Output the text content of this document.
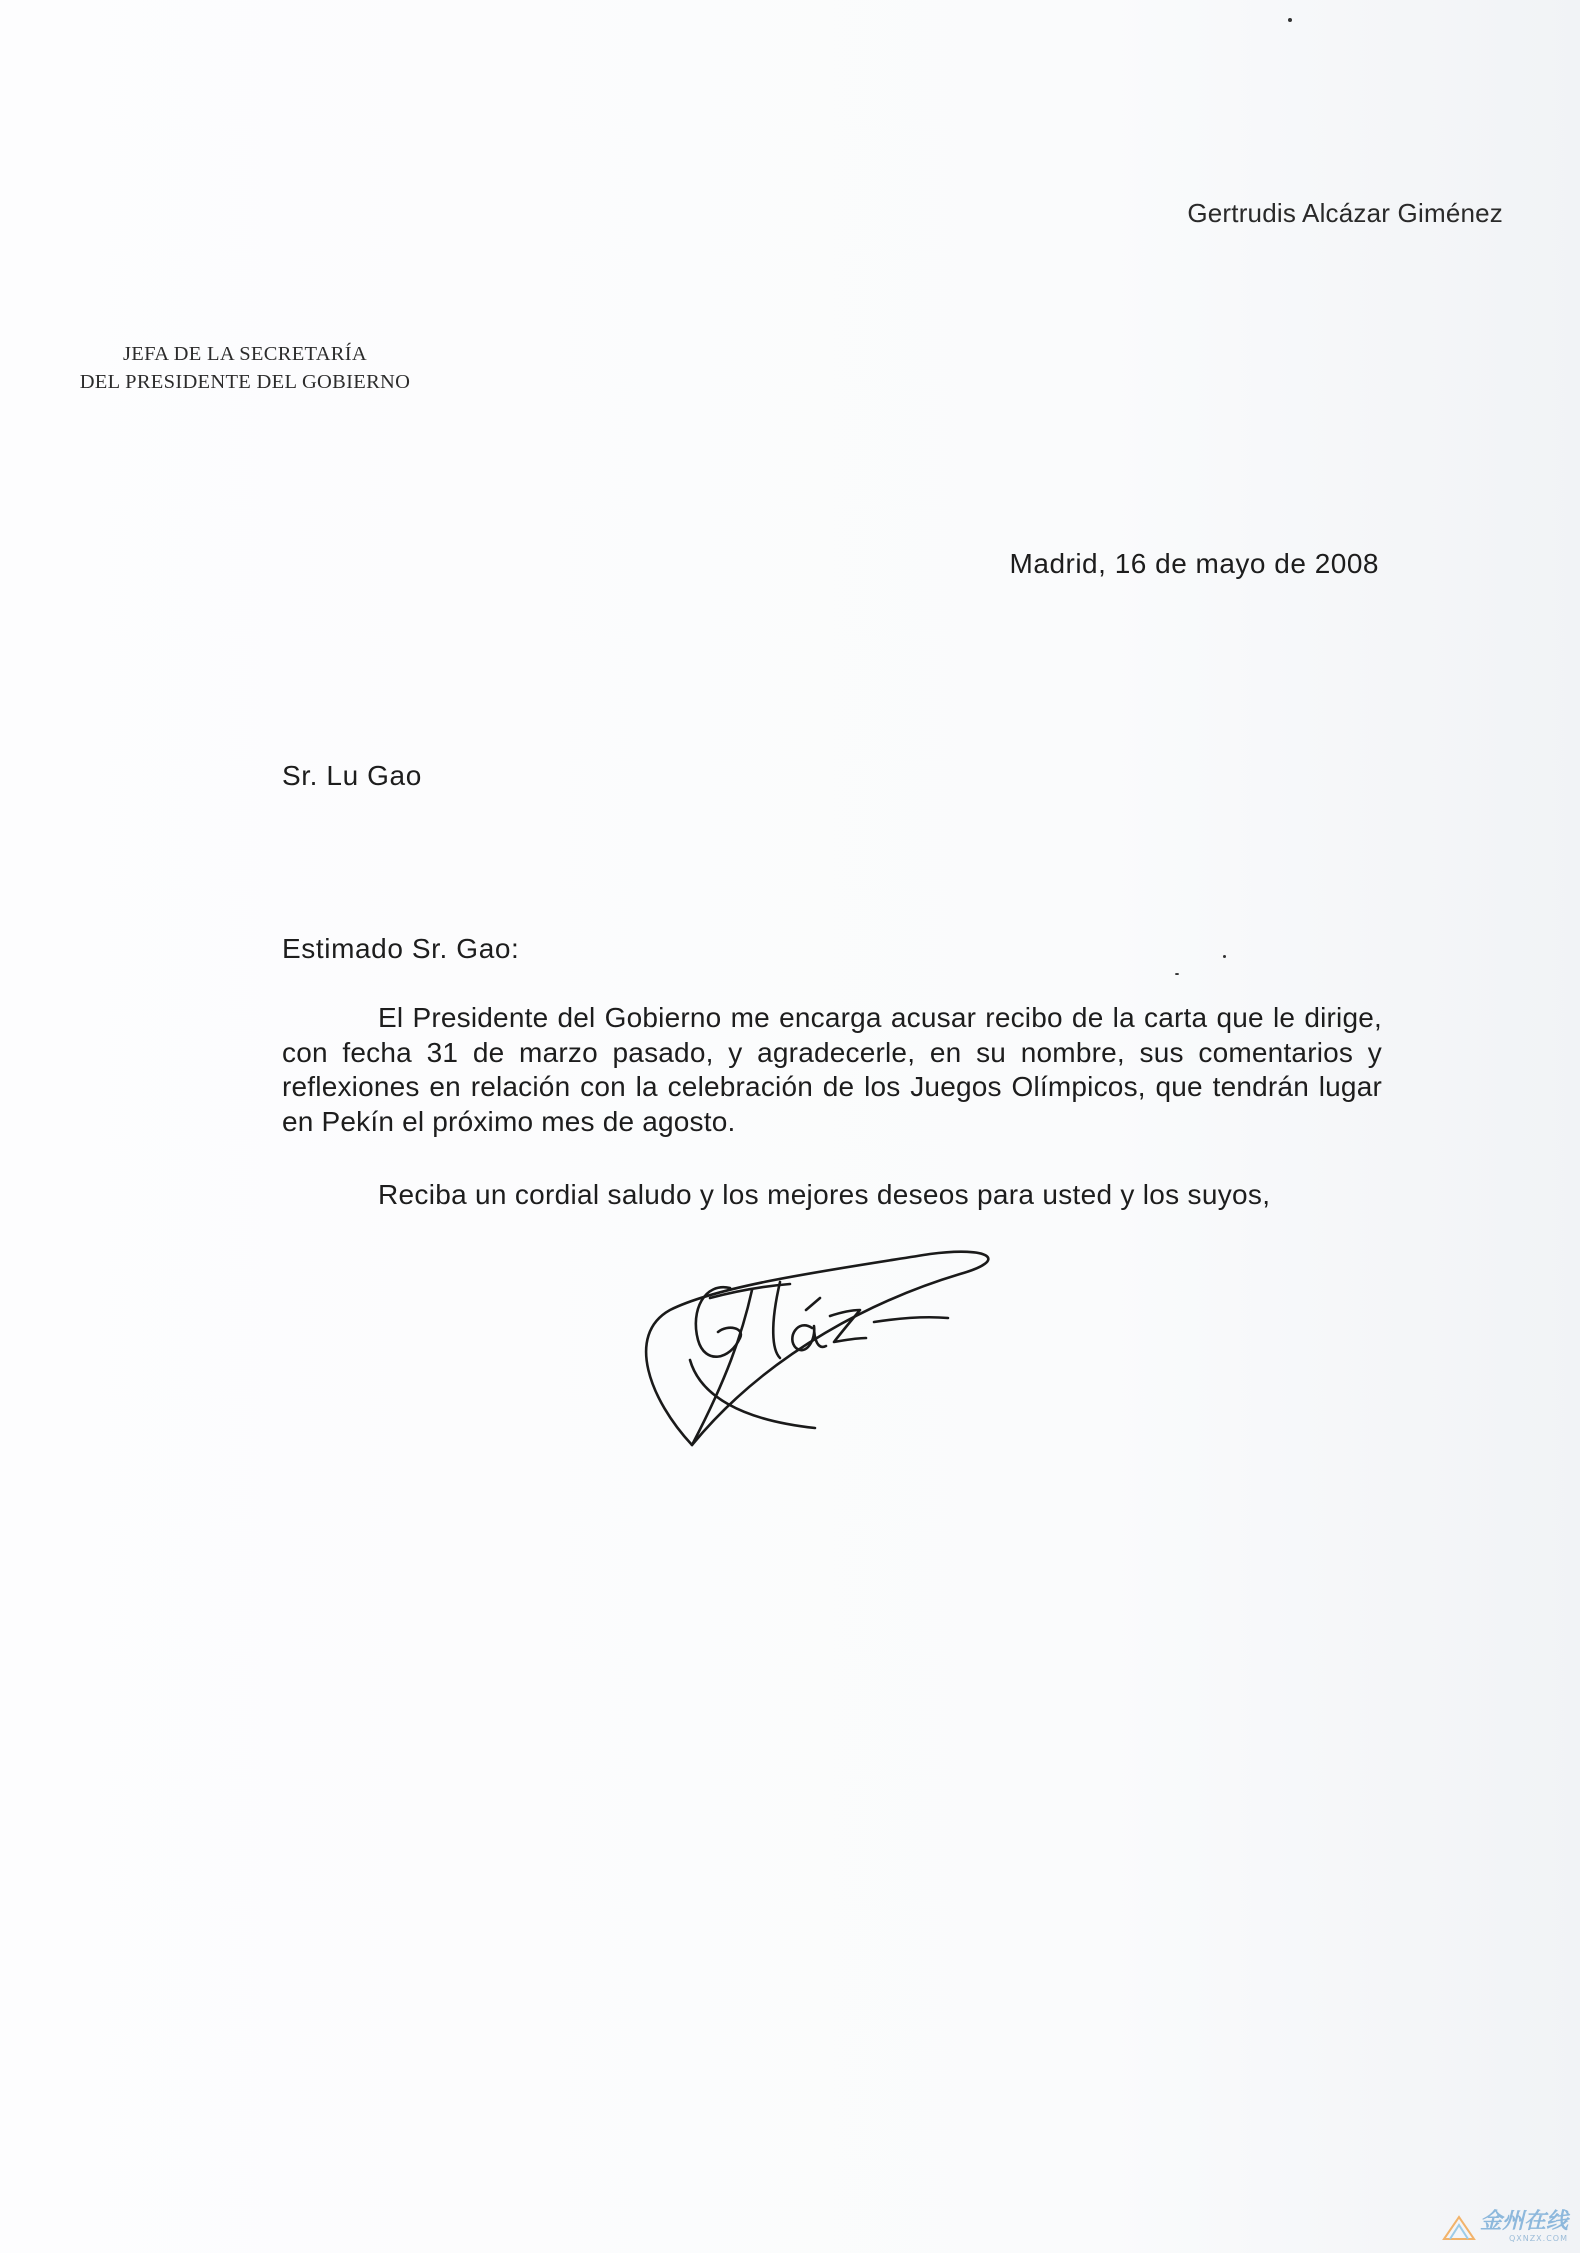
Gertrudis Alcázar Giménez
JEFA DE LA SECRETARÍA
DEL PRESIDENTE DEL GOBIERNO
Madrid, 16 de mayo de 2008
Sr. Lu Gao
Estimado Sr. Gao:

El Presidente del Gobierno me encarga acusar recibo de la carta que le dirige, con fecha 31 de marzo pasado, y agradecerle, en su nombre, sus comentarios y reflexiones en relación con la celebración de los Juegos Olímpicos, que tendrán lugar en Pekín el próximo mes de agosto.

Reciba un cordial saludo y los mejores deseos para usted y los suyos,
金州在线
QXNZX.COM
